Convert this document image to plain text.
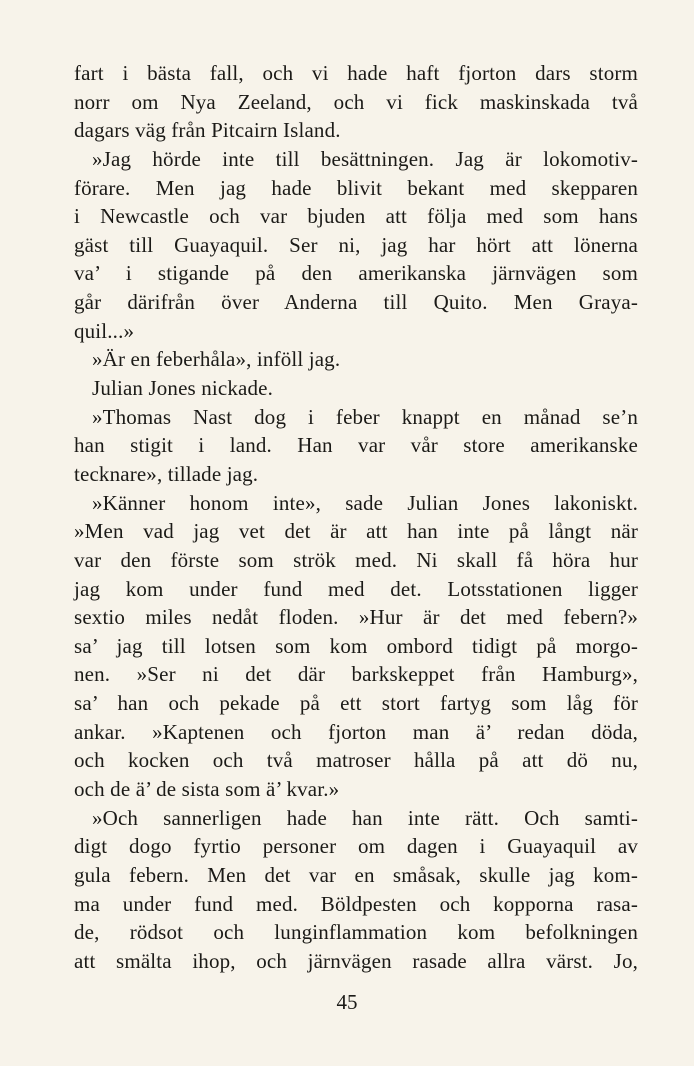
fart i bästa fall, och vi hade haft fjorton dars storm
norr om Nya Zeeland, och vi fick maskinskada två
dagars väg från Pitcairn Island.
»Jag hörde inte till besättningen. Jag är lokomotiv-
förare. Men jag hade blivit bekant med skepparen
i Newcastle och var bjuden att följa med som hans
gäst till Guayaquil. Ser ni, jag har hört att lönerna
va’ i stigande på den amerikanska järnvägen som
går därifrån över Anderna till Quito. Men Graya-
quil...»
»Är en feberhåla», inföll jag.
Julian Jones nickade.
»Thomas Nast dog i feber knappt en månad se’n
han stigit i land. Han var vår store amerikanske
tecknare», tillade jag.
»Känner honom inte», sade Julian Jones lakoniskt.
»Men vad jag vet det är att han inte på långt när
var den förste som strök med. Ni skall få höra hur
jag kom under fund med det. Lotsstationen ligger
sextio miles nedåt floden. »Hur är det med febern?»
sa’ jag till lotsen som kom ombord tidigt på morgo-
nen. »Ser ni det där barkskeppet från Hamburg»,
sa’ han och pekade på ett stort fartyg som låg för
ankar. »Kaptenen och fjorton man ä’ redan döda,
och kocken och två matroser hålla på att dö nu,
och de ä’ de sista som ä’ kvar.»
»Och sannerligen hade han inte rätt. Och samti-
digt dogo fyrtio personer om dagen i Guayaquil av
gula febern. Men det var en småsak, skulle jag kom-
ma under fund med. Böldpesten och kopporna rasa-
de, rödsot och lunginflammation kom befolkningen
att smälta ihop, och järnvägen rasade allra värst. Jo,
45
